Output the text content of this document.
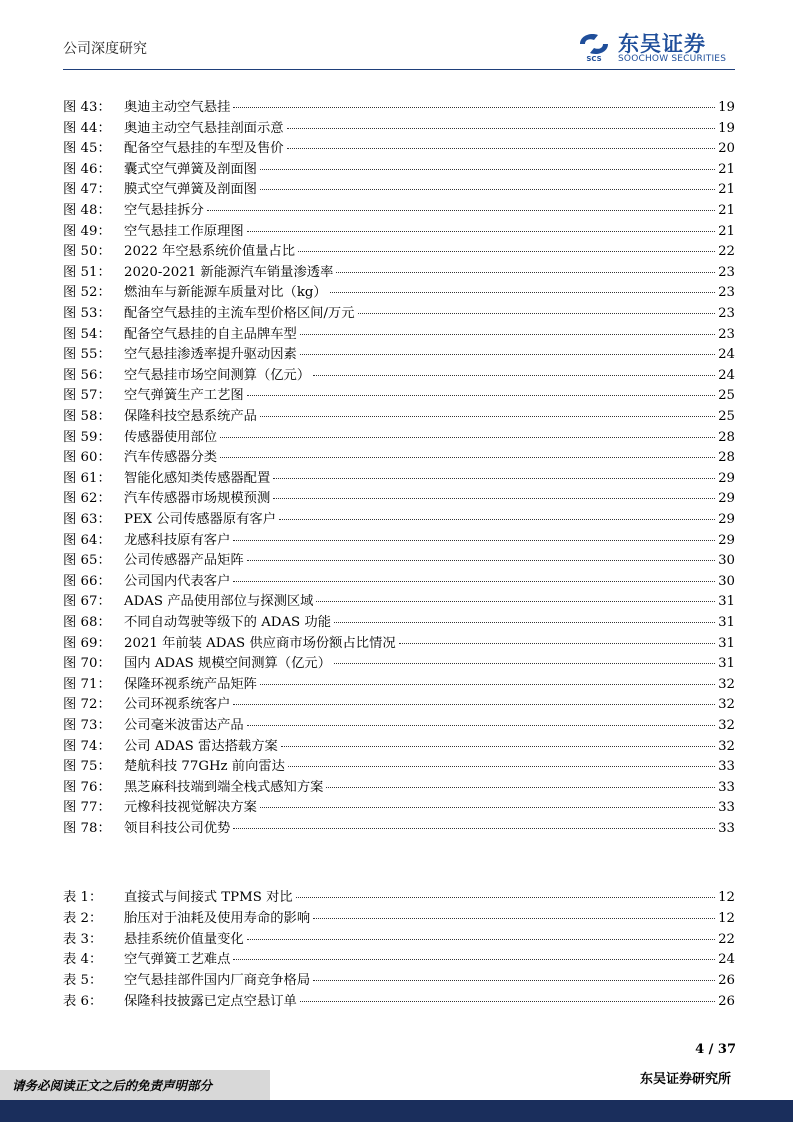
公司深度研究
SCS
东吴证券
SOOCHOW SECURITIES
图 43： 奥迪主动空气悬挂	19
图 44： 奥迪主动空气悬挂剖面示意	19
图 45： 配备空气悬挂的车型及售价	20
图 46： 囊式空气弹簧及剖面图	21
图 47： 膜式空气弹簧及剖面图	21
图 48： 空气悬挂拆分	21
图 49： 空气悬挂工作原理图	21
图 50： 2022 年空悬系统价值量占比	22
图 51： 2020-2021 新能源汽车销量渗透率	23
图 52： 燃油车与新能源车质量对比（kg）	23
图 53： 配备空气悬挂的主流车型价格区间/万元	23
图 54： 配备空气悬挂的自主品牌车型	23
图 55： 空气悬挂渗透率提升驱动因素	24
图 56： 空气悬挂市场空间测算（亿元）	24
图 57： 空气弹簧生产工艺图	25
图 58： 保隆科技空悬系统产品	25
图 59： 传感器使用部位	28
图 60： 汽车传感器分类	28
图 61： 智能化感知类传感器配置	29
图 62： 汽车传感器市场规模预测	29
图 63： PEX 公司传感器原有客户	29
图 64： 龙感科技原有客户	29
图 65： 公司传感器产品矩阵	30
图 66： 公司国内代表客户	30
图 67： ADAS 产品使用部位与探测区域	31
图 68： 不同自动驾驶等级下的 ADAS 功能	31
图 69： 2021 年前装 ADAS 供应商市场份额占比情况	31
图 70： 国内 ADAS 规模空间测算（亿元）	31
图 71： 保隆环视系统产品矩阵	32
图 72： 公司环视系统客户	32
图 73： 公司毫米波雷达产品	32
图 74： 公司 ADAS 雷达搭载方案	32
图 75： 楚航科技 77GHz 前向雷达	33
图 76： 黑芝麻科技端到端全栈式感知方案	33
图 77： 元橡科技视觉解决方案	33
图 78： 领目科技公司优势	33
表 1：	直接式与间接式 TPMS 对比	12
表 2：	胎压对于油耗及使用寿命的影响	12
表 3：	悬挂系统价值量变化	22
表 4：	空气弹簧工艺难点	24
表 5：	空气悬挂部件国内厂商竞争格局	26
表 6：	保隆科技披露已定点空悬订单	26
4 / 37
请务必阅读正文之后的免责声明部分	东吴证券研究所
